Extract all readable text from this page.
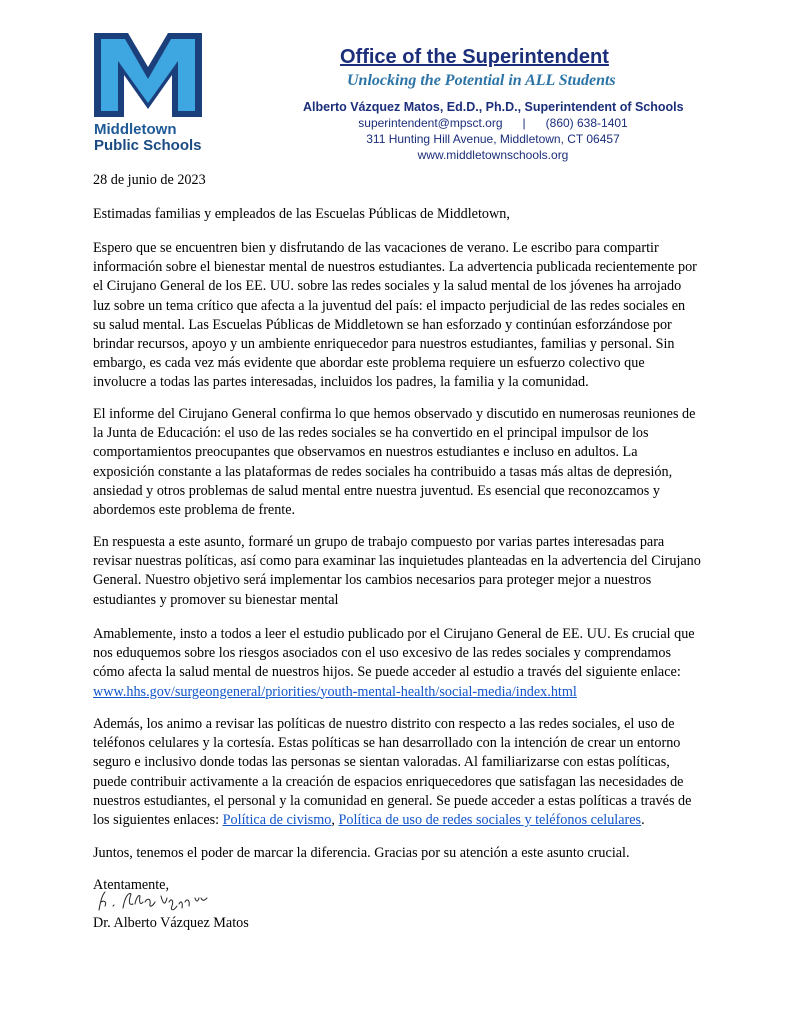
Middletown
Public Schools
Office of the Superintendent
Unlocking the Potential in ALL Students
Alberto Vázquez Matos, Ed.D., Ph.D., Superintendent of Schools
superintendent@mpsct.org      |      (860) 638-1401
311 Hunting Hill Avenue, Middletown, CT 06457
www.middletownschools.org
28 de junio de 2023
Estimadas familias y empleados de las Escuelas Públicas de Middletown,
Espero que se encuentren bien y disfrutando de las vacaciones de verano. Le escribo para compartir información sobre el bienestar mental de nuestros estudiantes. La advertencia publicada recientemente por el Cirujano General de los EE. UU. sobre las redes sociales y la salud mental de los jóvenes ha arrojado luz sobre un tema crítico que afecta a la juventud del país: el impacto perjudicial de las redes sociales en su salud mental. Las Escuelas Públicas de Middletown se han esforzado y continúan esforzándose por brindar recursos, apoyo y un ambiente enriquecedor para nuestros estudiantes, familias y personal. Sin embargo, es cada vez más evidente que abordar este problema requiere un esfuerzo colectivo que involucre a todas las partes interesadas, incluidos los padres, la familia y la comunidad.
El informe del Cirujano General confirma lo que hemos observado y discutido en numerosas reuniones de la Junta de Educación: el uso de las redes sociales se ha convertido en el principal impulsor de los comportamientos preocupantes que observamos en nuestros estudiantes e incluso en adultos. La exposición constante a las plataformas de redes sociales ha contribuido a tasas más altas de depresión, ansiedad y otros problemas de salud mental entre nuestra juventud. Es esencial que reconozcamos y abordemos este problema de frente.
En respuesta a este asunto, formaré un grupo de trabajo compuesto por varias partes interesadas para revisar nuestras políticas, así como para examinar las inquietudes planteadas en la advertencia del Cirujano General. Nuestro objetivo será implementar los cambios necesarios para proteger mejor a nuestros estudiantes y promover su bienestar mental
Amablemente, insto a todos a leer el estudio publicado por el Cirujano General de EE. UU. Es crucial que nos eduquemos sobre los riesgos asociados con el uso excesivo de las redes sociales y comprendamos cómo afecta la salud mental de nuestros hijos. Se puede acceder al estudio a través del siguiente enlace: www.hhs.gov/surgeongeneral/priorities/youth-mental-health/social-media/index.html
Además, los animo a revisar las políticas de nuestro distrito con respecto a las redes sociales, el uso de teléfonos celulares y la cortesía. Estas políticas se han desarrollado con la intención de crear un entorno seguro e inclusivo donde todas las personas se sientan valoradas. Al familiarizarse con estas políticas, puede contribuir activamente a la creación de espacios enriquecedores que satisfagan las necesidades de nuestros estudiantes, el personal y la comunidad en general. Se puede acceder a estas políticas a través de los siguientes enlaces: Política de civismo, Política de uso de redes sociales y teléfonos celulares.
Juntos, tenemos el poder de marcar la diferencia. Gracias por su atención a este asunto crucial.
Atentamente,
Dr. Alberto Vázquez Matos
